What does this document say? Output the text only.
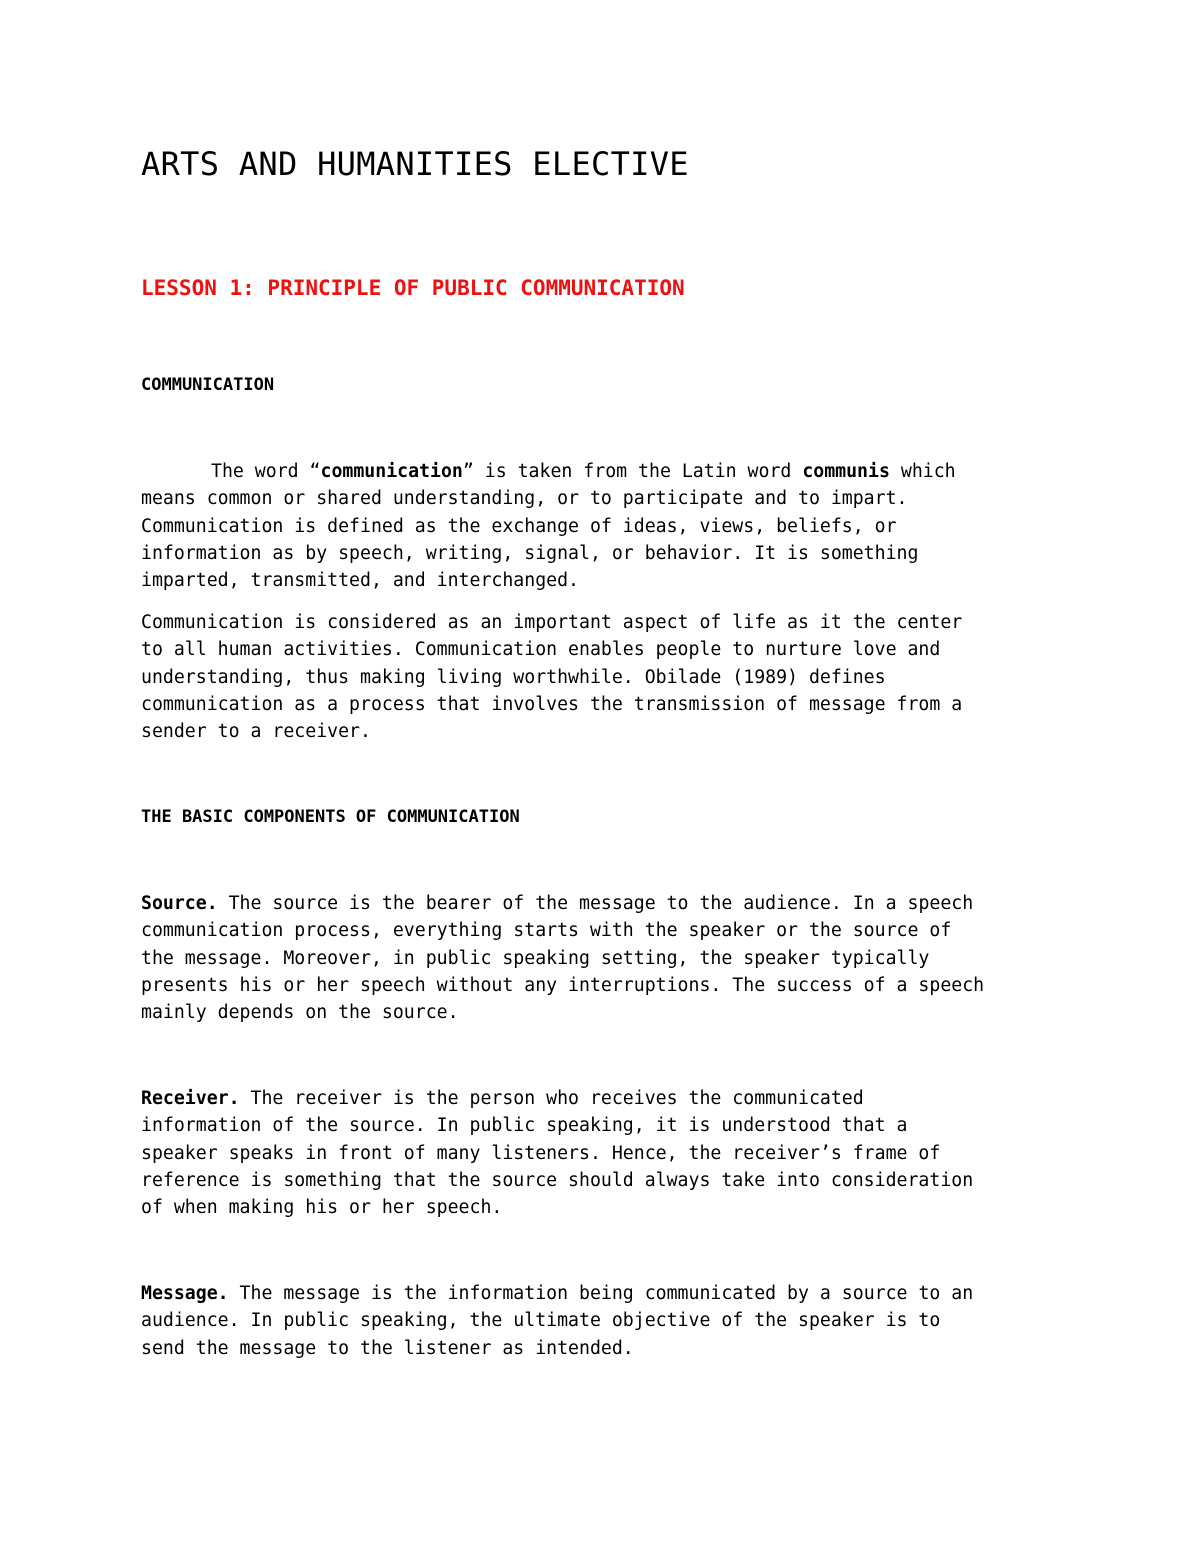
ARTS AND HUMANITIES ELECTIVE
LESSON 1: PRINCIPLE OF PUBLIC COMMUNICATION
COMMUNICATION

The word “communication” is taken from the Latin word communis which
means common or shared understanding, or to participate and to impart.
Communication is defined as the exchange of ideas, views, beliefs, or
information as by speech, writing, signal, or behavior. It is something
imparted, transmitted, and interchanged.

Communication is considered as an important aspect of life as it the center
to all human activities. Communication enables people to nurture love and
understanding, thus making living worthwhile. Obilade (1989) defines
communication as a process that involves the transmission of message from a
sender to a receiver.

THE BASIC COMPONENTS OF COMMUNICATION

Source. The source is the bearer of the message to the audience. In a speech
communication process, everything starts with the speaker or the source of
the message. Moreover, in public speaking setting, the speaker typically
presents his or her speech without any interruptions. The success of a speech
mainly depends on the source.

Receiver. The receiver is the person who receives the communicated
information of the source. In public speaking, it is understood that a
speaker speaks in front of many listeners. Hence, the receiver’s frame of
reference is something that the source should always take into consideration
of when making his or her speech.

Message. The message is the information being communicated by a source to an
audience. In public speaking, the ultimate objective of the speaker is to
send the message to the listener as intended.
